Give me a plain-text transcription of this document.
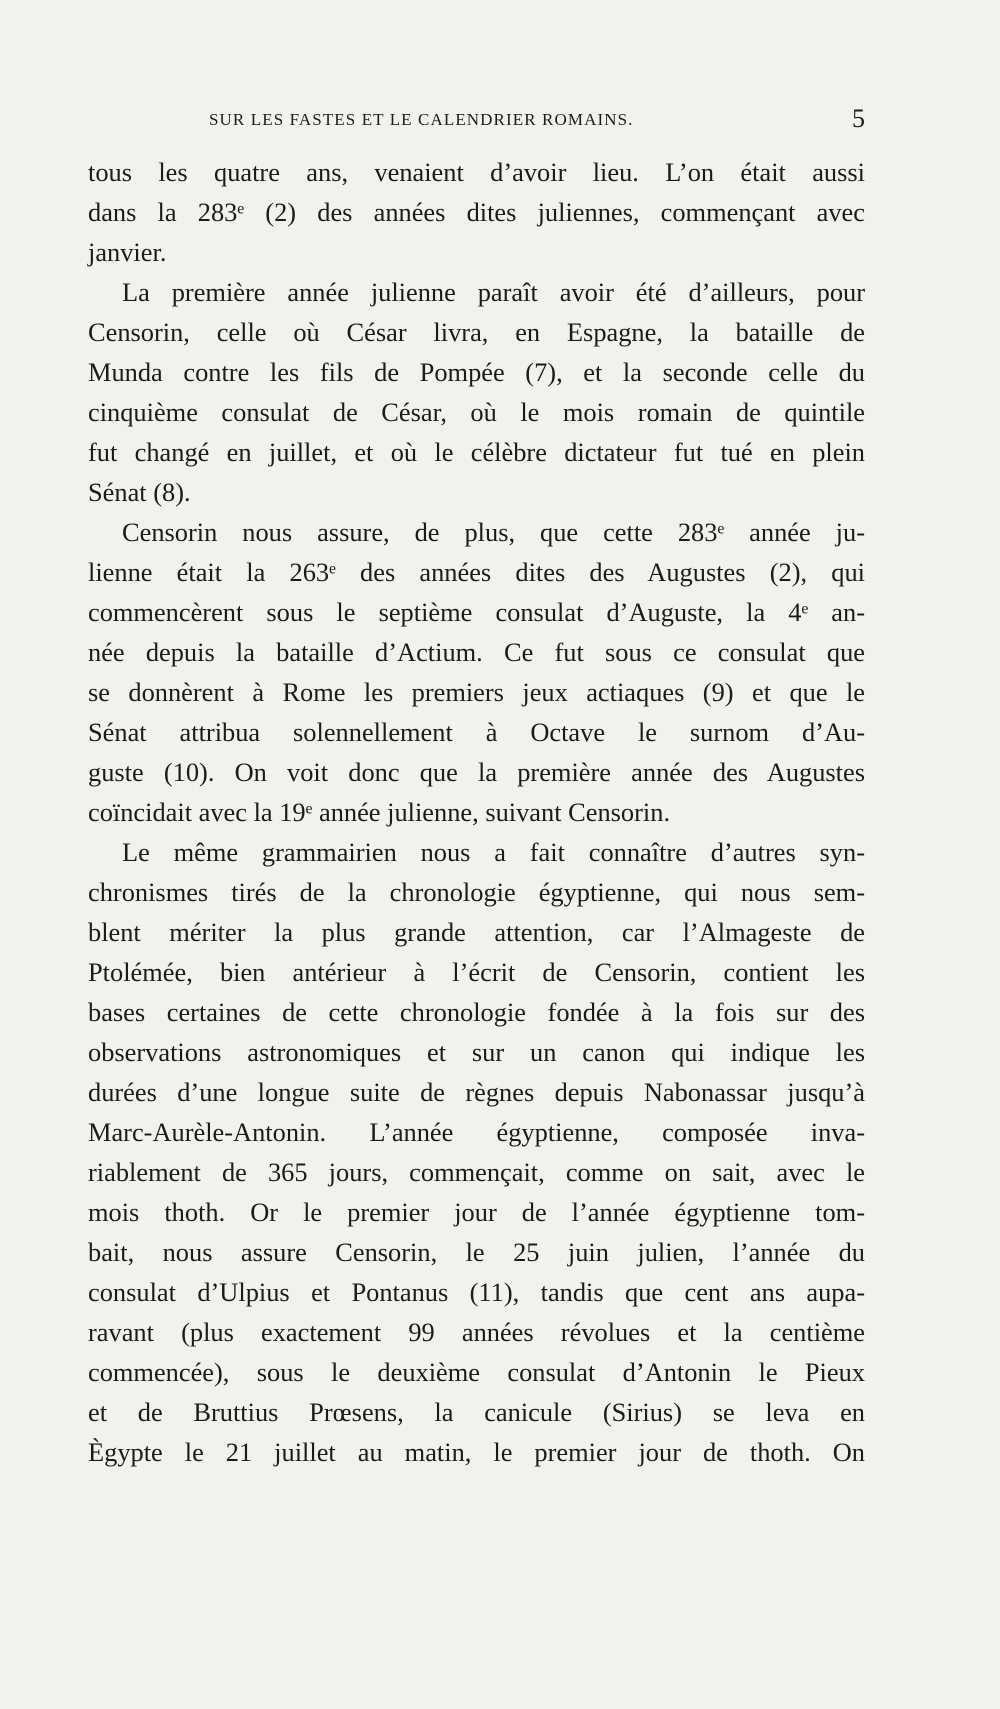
SUR LES FASTES ET LE CALENDRIER ROMAINS.	5
tous les quatre ans, venaient d’avoir lieu. L’on était aussi
dans la 283ᵉ (2) des années dites juliennes, commençant avec
janvier.
La première année julienne paraît avoir été d’ailleurs, pour
Censorin, celle où César livra, en Espagne, la bataille de
Munda contre les fils de Pompée (7), et la seconde celle du
cinquième consulat de César, où le mois romain de quintile
fut changé en juillet, et où le célèbre dictateur fut tué en plein
Sénat (8).
Censorin nous assure, de plus, que cette 283ᵉ année ju-
lienne était la 263ᵉ des années dites des Augustes (2), qui
commencèrent sous le septième consulat d’Auguste, la 4ᵉ an-
née depuis la bataille d’Actium. Ce fut sous ce consulat que
se donnèrent à Rome les premiers jeux actiaques (9) et que le
Sénat attribua solennellement à Octave le surnom d’Au-
guste (10). On voit donc que la première année des Augustes
coïncidait avec la 19ᵉ année julienne, suivant Censorin.
Le même grammairien nous a fait connaître d’autres syn-
chronismes tirés de la chronologie égyptienne, qui nous sem-
blent mériter la plus grande attention, car l’Almageste de
Ptolémée, bien antérieur à l’écrit de Censorin, contient les
bases certaines de cette chronologie fondée à la fois sur des
observations astronomiques et sur un canon qui indique les
durées d’une longue suite de règnes depuis Nabonassar jusqu’à
Marc-Aurèle-Antonin. L’année égyptienne, composée inva-
riablement de 365 jours, commençait, comme on sait, avec le
mois thoth. Or le premier jour de l’année égyptienne tom-
bait, nous assure Censorin, le 25 juin julien, l’année du
consulat d’Ulpius et Pontanus (11), tandis que cent ans aupa-
ravant (plus exactement 99 années révolues et la centième
commencée), sous le deuxième consulat d’Antonin le Pieux
et de Bruttius Prœsens, la canicule (Sirius) se leva en
Ègypte le 21 juillet au matin, le premier jour de thoth. On
